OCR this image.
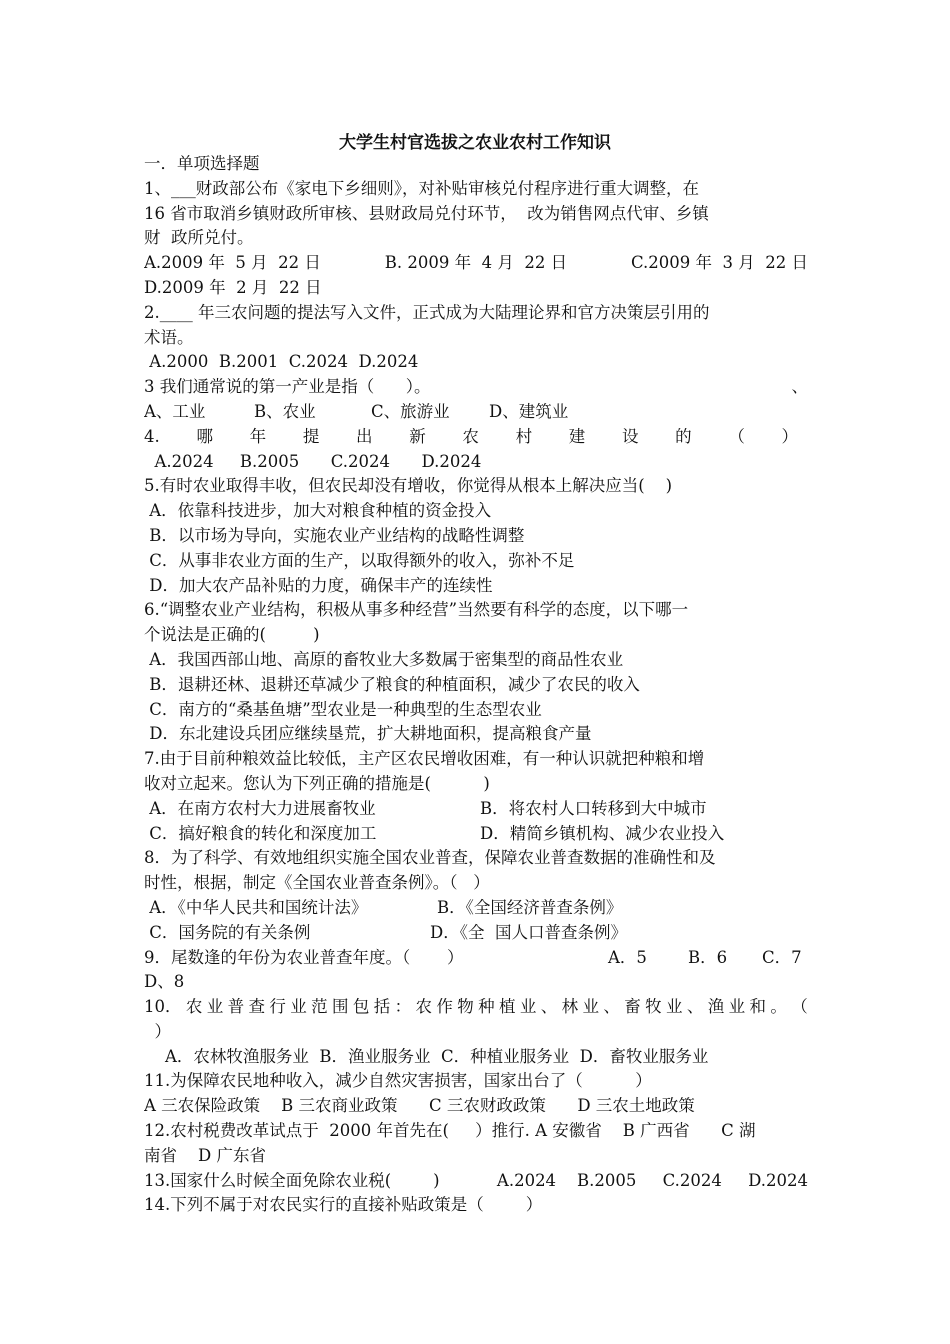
大学生村官选拔之农业农村工作知识
一．单项选择题
1、___财政部公布《家电下乡细则》，对补贴审核兑付程序进行重大调整，在
16 省市取消乡镇财政所审核、县财政局兑付环节，  改为销售网点代审、乡镇
财  政所兑付。
A.2009 年  5 月  22 日	B. 2009 年  4 月  22 日	C.2009 年  3 月  22 日
D.2009 年  2 月  22 日
2.____ 年三农问题的提法写入文件，正式成为大陆理论界和官方决策层引用的
术语。
A.2000  B.2001  C.2024  D.2024
3 我们通常说的第一产业是指（      ）。	、
A、工业	B、农业	C、旅游业	D、建筑业
4. 哪 年 提 出 新 农 村 建 设 的 （ ）
A.2024     B.2005      C.2024      D.2024
5.有时农业取得丰收，但农民却没有增收，你觉得从根本上解决应当(    )
A．依靠科技进步，加大对粮食种植的资金投入
B．以市场为导向，实施农业产业结构的战略性调整
C．从事非农业方面的生产，以取得额外的收入，弥补不足
D．加大农产品补贴的力度，确保丰产的连续性
6.“调整农业产业结构，积极从事多种经营”当然要有科学的态度，以下哪一
个说法是正确的(         )
A．我国西部山地、高原的畜牧业大多数属于密集型的商品性农业
B．退耕还林、退耕还草减少了粮食的种植面积，减少了农民的收入
C．南方的“桑基鱼塘”型农业是一种典型的生态型农业
D．东北建设兵团应继续垦荒，扩大耕地面积，提高粮食产量
7.由于目前种粮效益比较低，主产区农民增收困难，有一种认识就把种粮和增
收对立起来。您认为下列正确的措施是(          )
A．在南方农村大力进展畜牧业	B．将农村人口转移到大中城市
C．搞好粮食的转化和深度加工	D．精简乡镇机构、减少农业投入
8．为了科学、有效地组织实施全国农业普查，保障农业普查数据的准确性和及
时性，根据，制定《全国农业普查条例》。（   ）
A．《中华人民共和国统计法》	B．《全国经济普查条例》
C．国务院的有关条例	D．《全  国人口普查条例》
9．尾数逢的年份为农业普查年度。（       ）	A．5	B．6	C．7
D、8
10． 农 业 普 查 行 业 范 围 包 括 ： 农 作 物 种 植 业 、 林 业 、 畜 牧 业 、 渔 业 和 。 （
）
A．农林牧渔服务业  B．渔业服务业  C．种植业服务业  D．畜牧业服务业
11.为保障农民地种收入，减少自然灾害损害，国家出台了（          ）
A 三农保险政策    B 三农商业政策      C 三农财政政策      D 三农土地政策
12.农村税费改革试点于  2000 年首先在(     ）推行. A 安徽省    B 广西省      C 湖
南省    D 广东省
13.国家什么时候全面免除农业税(        )	A.2024    B.2005     C.2024     D.2024
14.下列不属于对农民实行的直接补贴政策是（        ）
